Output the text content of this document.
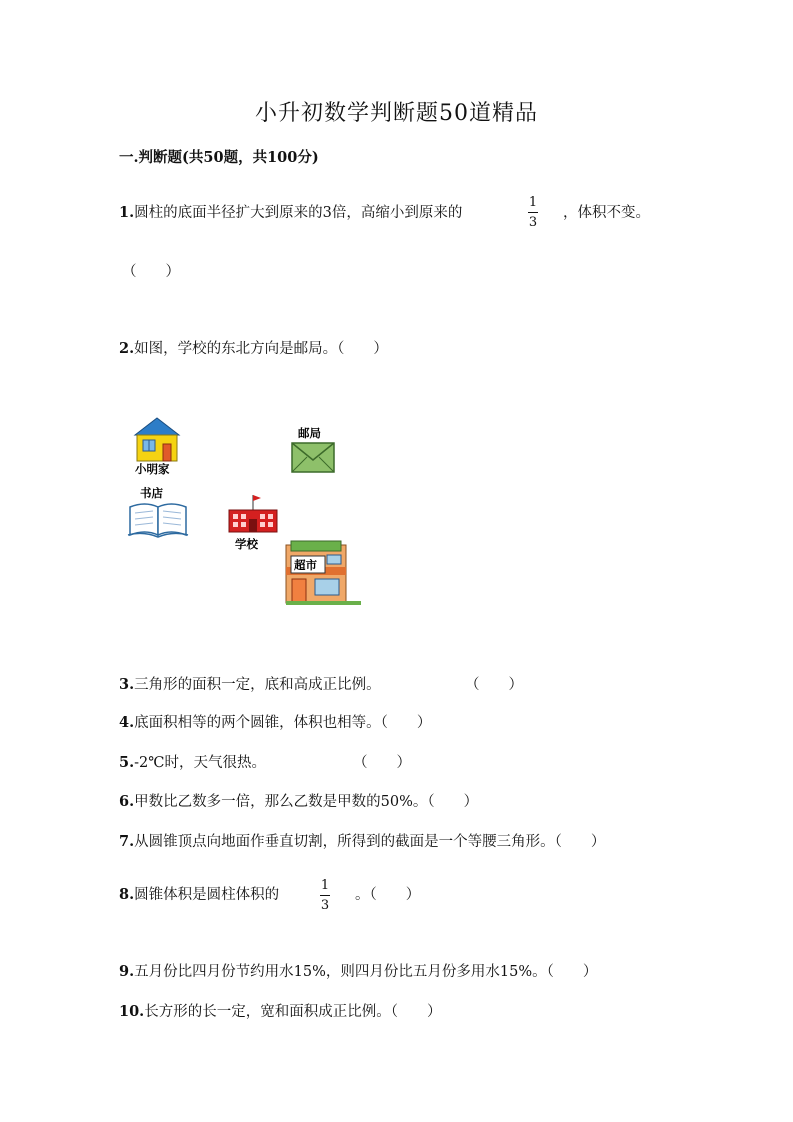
小升初数学判断题50道精品
一.判断题(共50题，共100分)
1.圆柱的底面半径扩大到原来的3倍，高缩小到原来的
1
3
，体积不变。
（　　）
2.如图，学校的东北方向是邮局。（　　）
小明家
邮局
书店
学校
超市
3.三角形的面积一定，底和高成正比例。	（　　）
4.底面积相等的两个圆锥，体积也相等。（　　）
5.-2℃时，天气很热。	（　　）
6.甲数比乙数多一倍，那么乙数是甲数的50%。（　　）
7.从圆锥顶点向地面作垂直切割，所得到的截面是一个等腰三角形。（　　）
8.圆锥体积是圆柱体积的
1
3
。（　　）
9.五月份比四月份节约用水15%，则四月份比五月份多用水15%。（　　）
10.长方形的长一定，宽和面积成正比例。（　　）
